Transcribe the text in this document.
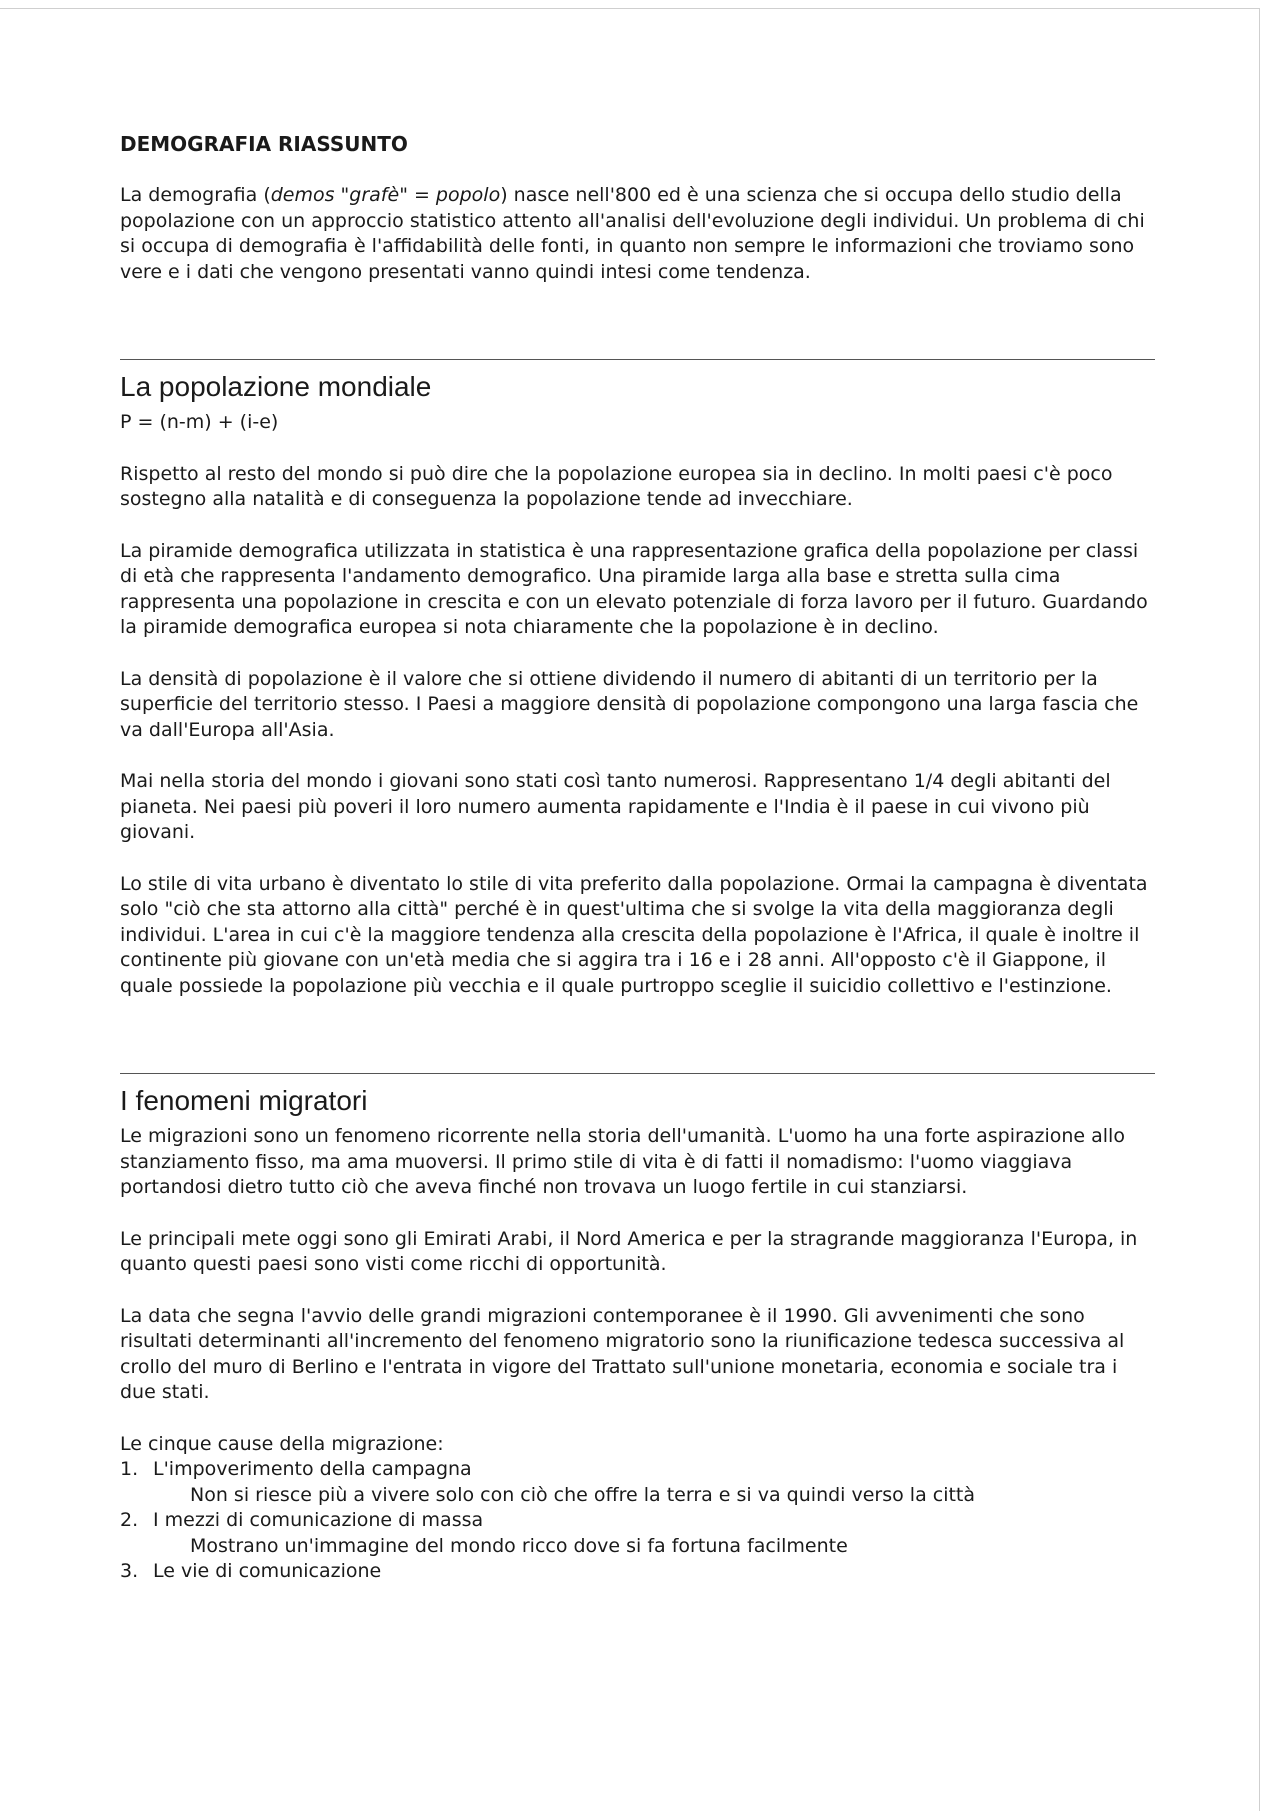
DEMOGRAFIA RIASSUNTO

La demografia (demos "grafè" = popolo) nasce nell'800 ed è una scienza che si occupa dello studio della popolazione con un approccio statistico attento all'analisi dell'evoluzione degli individui. Un problema di chi si occupa di demografia è l'affidabilità delle fonti, in quanto non sempre le informazioni che troviamo sono vere e i dati che vengono presentati vanno quindi intesi come tendenza.

La popolazione mondiale

P = (n-m) + (i-e)

Rispetto al resto del mondo si può dire che la popolazione europea sia in declino. In molti paesi c'è poco sostegno alla natalità e di conseguenza la popolazione tende ad invecchiare.

La piramide demografica utilizzata in statistica è una rappresentazione grafica della popolazione per classi di età che rappresenta l'andamento demografico. Una piramide larga alla base e stretta sulla cima rappresenta una popolazione in crescita e con un elevato potenziale di forza lavoro per il futuro. Guardando la piramide demografica europea si nota chiaramente che la popolazione è in declino.

La densità di popolazione è il valore che si ottiene dividendo il numero di abitanti di un territorio per la superficie del territorio stesso. I Paesi a maggiore densità di popolazione compongono una larga fascia che va dall'Europa all'Asia.

Mai nella storia del mondo i giovani sono stati così tanto numerosi. Rappresentano 1/4 degli abitanti del pianeta. Nei paesi più poveri il loro numero aumenta rapidamente e l'India è il paese in cui vivono più giovani.

Lo stile di vita urbano è diventato lo stile di vita preferito dalla popolazione. Ormai la campagna è diventata solo "ciò che sta attorno alla città" perché è in quest'ultima che si svolge la vita della maggioranza degli individui. L'area in cui c'è la maggiore tendenza alla crescita della popolazione è l'Africa, il quale è inoltre il continente più giovane con un'età media che si aggira tra i 16 e i 28 anni. All'opposto c'è il Giappone, il quale possiede la popolazione più vecchia e il quale purtroppo sceglie il suicidio collettivo e l'estinzione.

I fenomeni migratori

Le migrazioni sono un fenomeno ricorrente nella storia dell'umanità. L'uomo ha una forte aspirazione allo stanziamento fisso, ma ama muoversi. Il primo stile di vita è di fatti il nomadismo: l'uomo viaggiava portandosi dietro tutto ciò che aveva finché non trovava un luogo fertile in cui stanziarsi.

Le principali mete oggi sono gli Emirati Arabi, il Nord America e per la stragrande maggioranza l'Europa, in quanto questi paesi sono visti come ricchi di opportunità.

La data che segna l'avvio delle grandi migrazioni contemporanee è il 1990. Gli avvenimenti che sono risultati determinanti all'incremento del fenomeno migratorio sono la riunificazione tedesca successiva al crollo del muro di Berlino e l'entrata in vigore del Trattato sull'unione monetaria, economia e sociale tra i due stati.

Le cinque cause della migrazione:
1. L'impoverimento della campagna
Non si riesce più a vivere solo con ciò che offre la terra e si va quindi verso la città
2. I mezzi di comunicazione di massa
Mostrano un'immagine del mondo ricco dove si fa fortuna facilmente
3. Le vie di comunicazione
